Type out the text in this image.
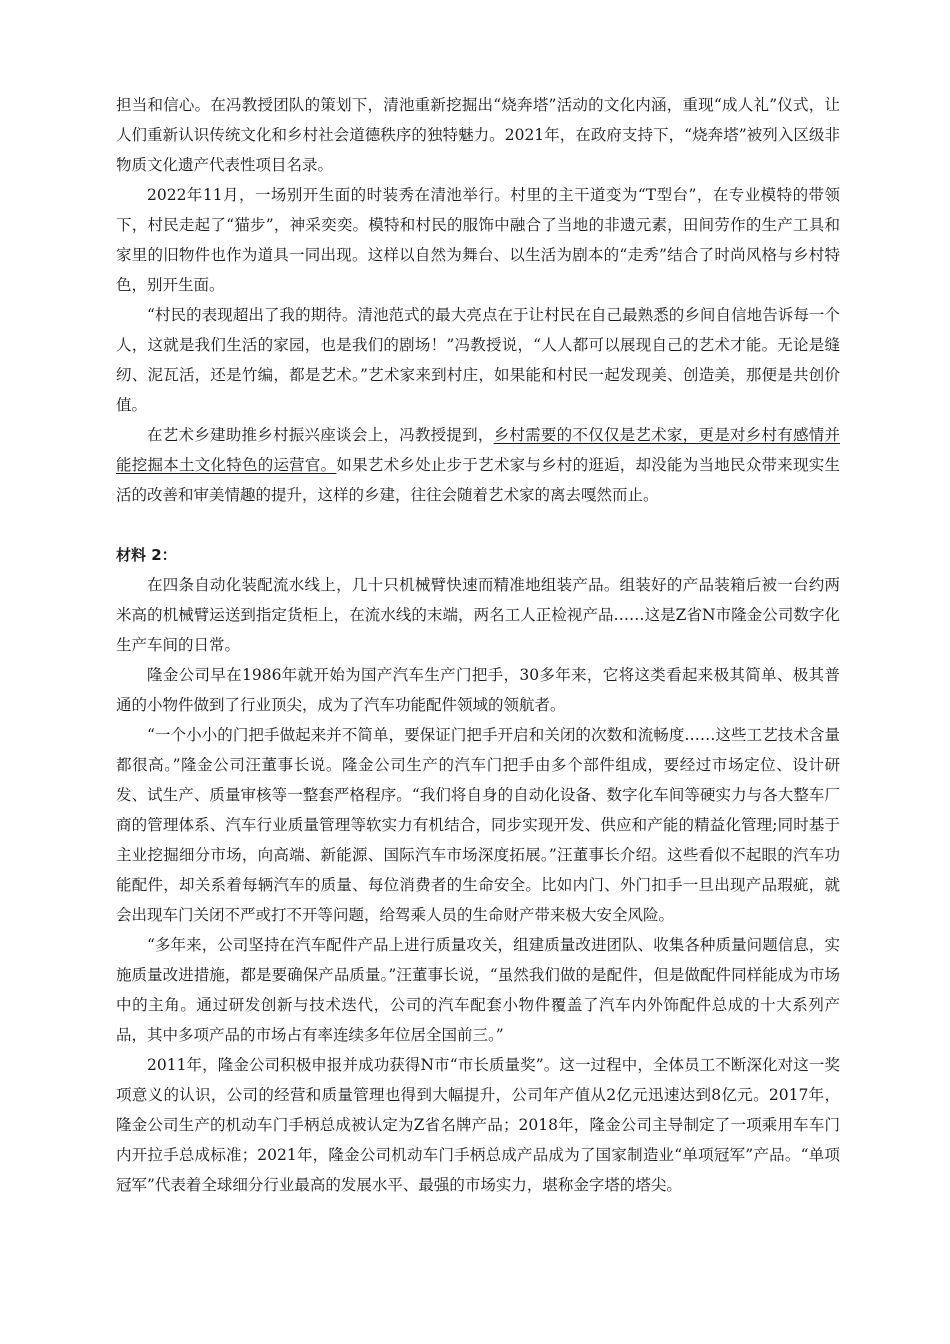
担当和信心。在冯教授团队的策划下，清池重新挖掘出“烧奔塔”活动的文化内涵，重现“成人礼”仪式，让人们重新认识传统文化和乡村社会道德秩序的独特魅力。2021年，在政府支持下，“烧奔塔”被列入区级非物质文化遗产代表性项目名录。

2022年11月，一场别开生面的时装秀在清池举行。村里的主干道变为“T型台”，在专业模特的带领下，村民走起了“猫步”，神采奕奕。模特和村民的服饰中融合了当地的非遗元素，田间劳作的生产工具和家里的旧物件也作为道具一同出现。这样以自然为舞台、以生活为剧本的“走秀”结合了时尚风格与乡村特色，别开生面。

“村民的表现超出了我的期待。清池范式的最大亮点在于让村民在自己最熟悉的乡间自信地告诉每一个人，这就是我们生活的家园，也是我们的剧场！”冯教授说，“人人都可以展现自己的艺术才能。无论是缝纫、泥瓦活，还是竹编，都是艺术。”艺术家来到村庄，如果能和村民一起发现美、创造美，那便是共创价值。

在艺术乡建助推乡村振兴座谈会上，冯教授提到，乡村需要的不仅仅是艺术家，更是对乡村有感情并能挖掘本土文化特色的运营官。如果艺术乡处止步于艺术家与乡村的逛逅，却没能为当地民众带来现实生活的改善和审美情趣的提升，这样的乡建，往往会随着艺术家的离去嘎然而止。

材料 2：

在四条自动化装配流水线上，几十只机械臂快速而精准地组装产品。组装好的产品装箱后被一台约两米高的机械臂运送到指定货柜上，在流水线的末端，两名工人正检视产品……这是Z省N市隆金公司数字化生产车间的日常。

隆金公司早在1986年就开始为国产汽车生产门把手，30多年来，它将这类看起来极其简单、极其普通的小物件做到了行业顶尖，成为了汽车功能配件领域的领航者。

“一个小小的门把手做起来并不简单，要保证门把手开启和关闭的次数和流畅度……这些工艺技术含量都很高。”隆金公司汪董事长说。隆金公司生产的汽车门把手由多个部件组成，要经过市场定位、设计研发、试生产、质量审核等一整套严格程序。“我们将自身的自动化设备、数字化车间等硬实力与各大整车厂商的管理体系、汽车行业质量管理等软实力有机结合，同步实现开发、供应和产能的精益化管理;同时基于主业挖掘细分市场，向高端、新能源、国际汽车市场深度拓展。”汪董事长介绍。这些看似不起眼的汽车功能配件，却关系着每辆汽车的质量、每位消费者的生命安全。比如内门、外门扣手一旦出现产品瑕疵，就会出现车门关闭不严或打不开等问题，给驾乘人员的生命财产带来极大安全风险。

“多年来，公司坚持在汽车配件产品上进行质量攻关，组建质量改进团队、收集各种质量问题信息，实施质量改进措施，都是要确保产品质量。”汪董事长说，“虽然我们做的是配件，但是做配件同样能成为市场中的主角。通过研发创新与技术迭代，公司的汽车配套小物件覆盖了汽车内外饰配件总成的十大系列产品，其中多项产品的市场占有率连续多年位居全国前三。”

2011年，隆金公司积极申报并成功获得N市“市长质量奖”。这一过程中，全体员工不断深化对这一奖项意义的认识，公司的经营和质量管理也得到大幅提升，公司年产值从2亿元迅速达到8亿元。2017年，隆金公司生产的机动车门手柄总成被认定为Z省名牌产品；2018年，隆金公司主导制定了一项乘用车车门内开拉手总成标准；2021年，隆金公司机动车门手柄总成产品成为了国家制造业“单项冠军”产品。“单项冠军”代表着全球细分行业最高的发展水平、最强的市场实力，堪称金字塔的塔尖。
